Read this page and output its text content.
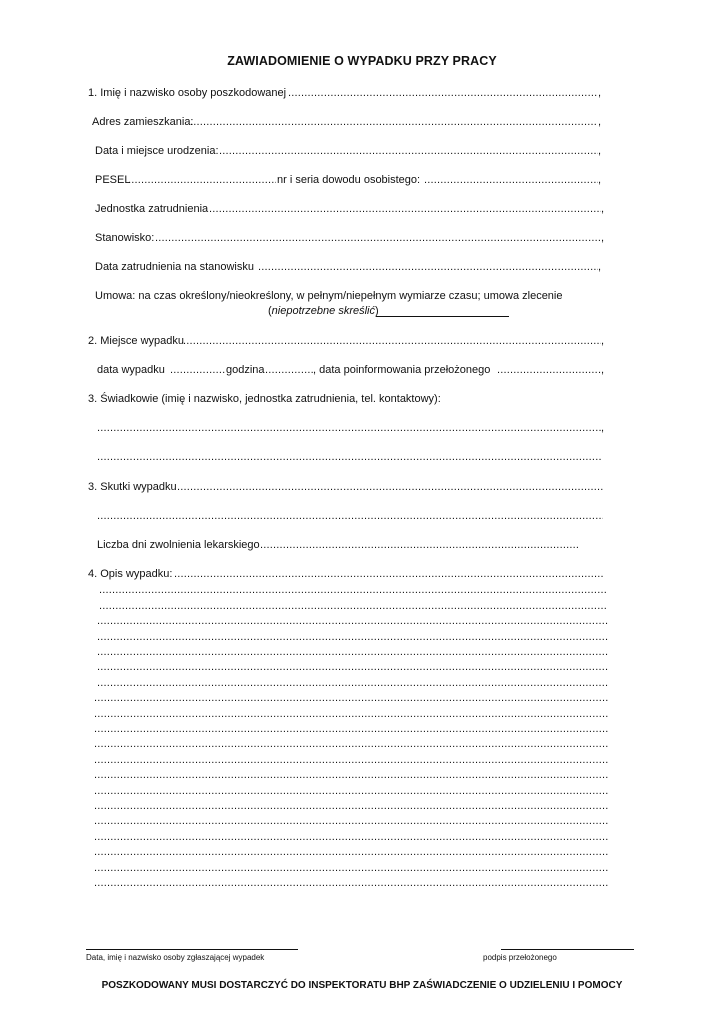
ZAWIADOMIENIE O WYPADKU PRZY PRACY
1. Imię i nazwisko osoby poszkodowanej .....	,
Adres zamieszkania: .....	,
Data i miejsce urodzenia: .....	,
PESEL .....	nr i seria dowodu osobistego: .....	,
Jednostka zatrudnienia .....	,
Stanowisko: .....	,
Data zatrudnienia na stanowisku .....	,
Umowa: na czas określony/nieokreślony, w pełnym/niepełnym wymiarze czasu; umowa zlecenie
(niepotrzebne skreślić)
2. Miejsce wypadku .....	,
data wypadku .....	godzina .....	, data poinformowania przełożonego .....	,
3. Świadkowie (imię i nazwisko, jednostka zatrudnienia, tel. kontaktowy):
.....
,
.....
3. Skutki wypadku
.....
.....
Liczba dni zwolnienia lekarskiego
.....
4. Opis wypadku:
.....
.....
.....
.....
.....
.....
.....
.....
.....
.....
.....
.....
.....
.....
.....
.....
.....
.....
.....
.....
.....
Data, imię i nazwisko osoby zgłaszającej wypadek	podpis przełożonego
POSZKODOWANY MUSI DOSTARCZYĆ DO INSPEKTORATU BHP ZAŚWIADCZENIE O UDZIELENIU I POMOCY
